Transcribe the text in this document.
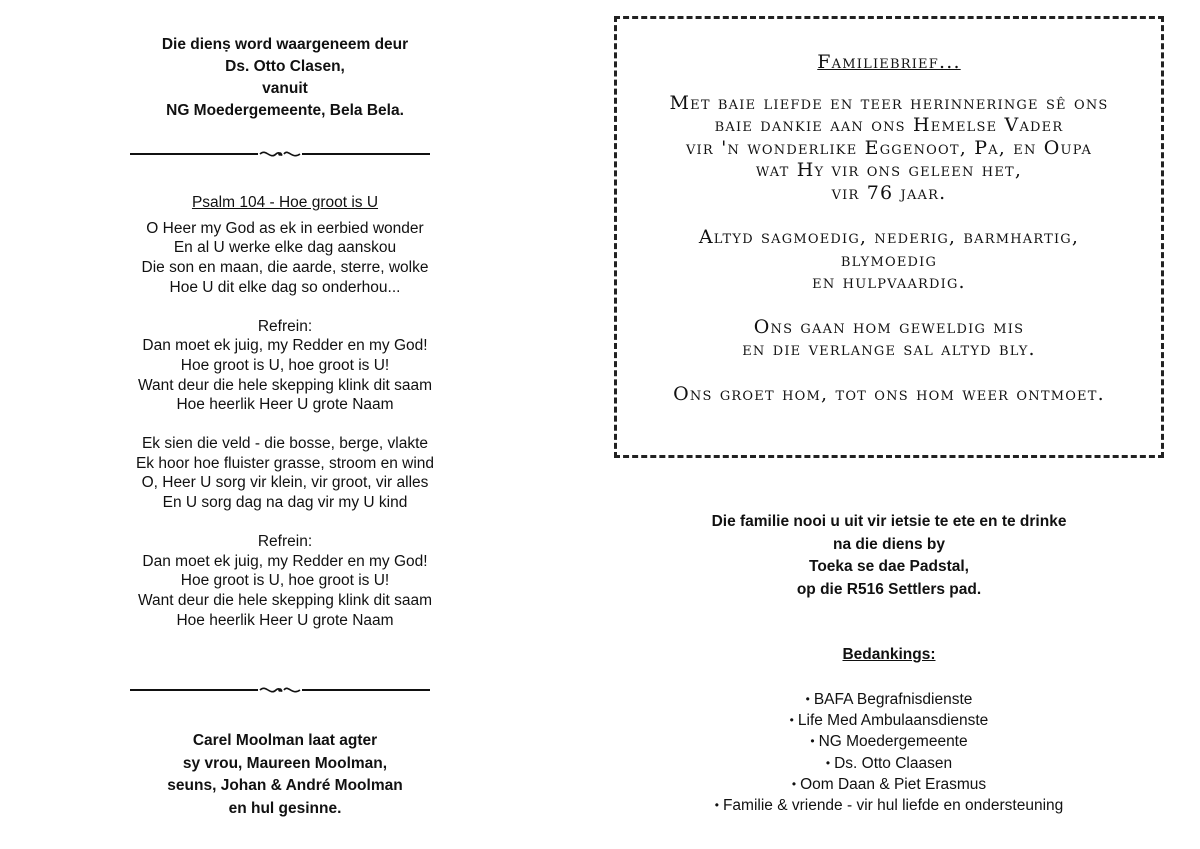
Die dienṣ word waargeneem deur
Ds. Otto Clasen,
vanuit
NG Moedergemeente, Bela Bela.
Psalm 104 - Hoe groot is U
O Heer my God as ek in eerbied wonder
En al U werke elke dag aanskou
Die son en maan, die aarde, sterre, wolke
Hoe U dit elke dag so onderhou...
Refrein:
Dan moet ek juig, my Redder en my God!
Hoe groot is U, hoe groot is U!
Want deur die hele skepping klink dit saam
Hoe heerlik Heer U grote Naam
Ek sien die veld - die bosse, berge, vlakte
Ek hoor hoe fluister grasse, stroom en wind
O, Heer U sorg vir klein, vir groot, vir alles
En U sorg dag na dag vir my U kind
Refrein:
Dan moet ek juig, my Redder en my God!
Hoe groot is U, hoe groot is U!
Want deur die hele skepping klink dit saam
Hoe heerlik Heer U grote Naam
Carel Moolman laat agter
sy vrou, Maureen Moolman,
seuns, Johan & André Moolman
en hul gesinne.
Familiebrief...
Met baie liefde en teer herinneringe sê ons
baie dankie aan ons Hemelse Vader
vir 'n wonderlike Eggenoot, Pa, en Oupa
wat Hy vir ons geleen het,
vir 76 jaar.
Altyd sagmoedig, nederig, barmhartig,
blymoedig
en hulpvaardig.
Ons gaan hom geweldig mis
en die verlange sal altyd bly.
Ons groet hom, tot ons hom weer ontmoet.
Die familie nooi u uit vir ietsie te ete en te drinke
na die diens by
Toeka se dae Padstal,
op die R516 Settlers pad.
Bedankings:
• BAFA Begrafnisdienste
• Life Med Ambulaansdienste
• NG Moedergemeente
• Ds. Otto Claasen
• Oom Daan & Piet Erasmus
• Familie & vriende - vir hul liefde en ondersteuning
